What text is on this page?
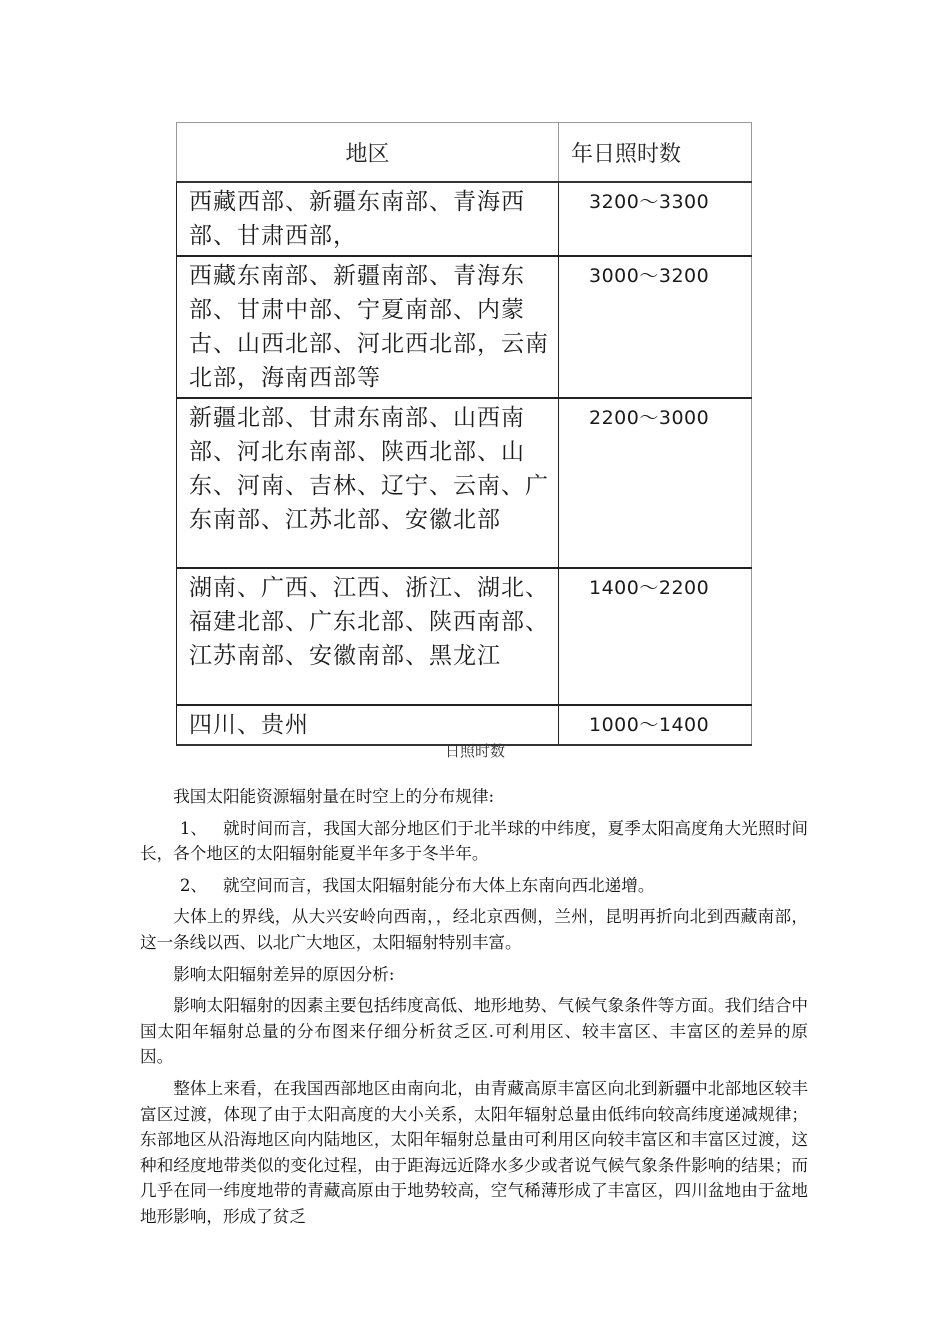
地区	年日照时数
西藏西部、新疆东南部、青海西部、甘肃西部，	3200～3300
西藏东南部、新疆南部、青海东部、甘肃中部、宁夏南部、内蒙古、山西北部、河北西北部，云南北部，海南西部等	3000～3200
新疆北部、甘肃东南部、山西南部、河北东南部、陕西北部、山东、河南、吉林、辽宁、云南、广东南部、江苏北部、安徽北部	2200～3000
湖南、广西、江西、浙江、湖北、福建北部、广东北部、陕西南部、江苏南部、安徽南部、黑龙江	1400～2200
四川、贵州	1000～1400
日照时数

我国太阳能资源辐射量在时空上的分布规律:

1、 就时间而言，我国大部分地区们于北半球的中纬度，夏季太阳高度角大光照时间长，各个地区的太阳辐射能夏半年多于冬半年。

2、 就空间而言，我国太阳辐射能分布大体上东南向西北递增。

大体上的界线，从大兴安岭向西南，，经北京西侧，兰州，昆明再折向北到西藏南部，这一条线以西、以北广大地区，太阳辐射特别丰富。

影响太阳辐射差异的原因分析:

影响太阳辐射的因素主要包括纬度高低、地形地势、气候气象条件等方面。我们结合中国太阳年辐射总量的分布图来仔细分析贫乏区.可利用区、较丰富区、丰富区的差异的原因。

整体上来看，在我国西部地区由南向北，由青藏高原丰富区向北到新疆中北部地区较丰富区过渡，体现了由于太阳高度的大小关系，太阳年辐射总量由低纬向较高纬度递减规律；东部地区从沿海地区向内陆地区，太阳年辐射总量由可利用区向较丰富区和丰富区过渡，这种和经度地带类似的变化过程，由于距海远近降水多少或者说气候气象条件影响的结果；而几乎在同一纬度地带的青藏高原由于地势较高，空气稀薄形成了丰富区，四川盆地由于盆地地形影响，形成了贫乏
